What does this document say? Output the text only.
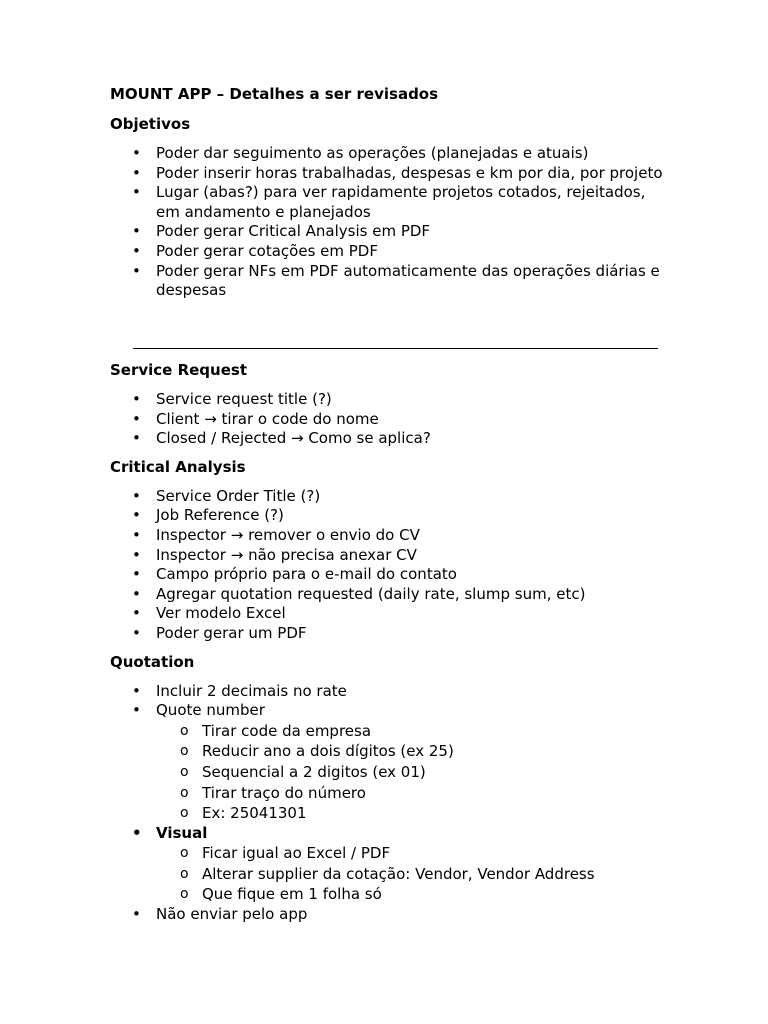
MOUNT APP – Detalhes a ser revisados

Objetivos

• Poder dar seguimento as operações (planejadas e atuais)
• Poder inserir horas trabalhadas, despesas e km por dia, por projeto
• Lugar (abas?) para ver rapidamente projetos cotados, rejeitados, em andamento e planejados
• Poder gerar Critical Analysis em PDF
• Poder gerar cotações em PDF
• Poder gerar NFs em PDF automaticamente das operações diárias e despesas

Service Request

• Service request title (?)
• Client → tirar o code do nome
• Closed / Rejected → Como se aplica?

Critical Analysis

• Service Order Title (?)
• Job Reference (?)
• Inspector → remover o envio do CV
• Inspector → não precisa anexar CV
• Campo próprio para o e-mail do contato
• Agregar quotation requested (daily rate, slump sum, etc)
• Ver modelo Excel
• Poder gerar um PDF

Quotation

• Incluir 2 decimais no rate
• Quote number
o Tirar code da empresa
o Reducir ano a dois dígitos (ex 25)
o Sequencial a 2 digitos (ex 01)
o Tirar traço do número
o Ex: 25041301
• Visual
o Ficar igual ao Excel / PDF
o Alterar supplier da cotação: Vendor, Vendor Address
o Que fique em 1 folha só
• Não enviar pelo app
